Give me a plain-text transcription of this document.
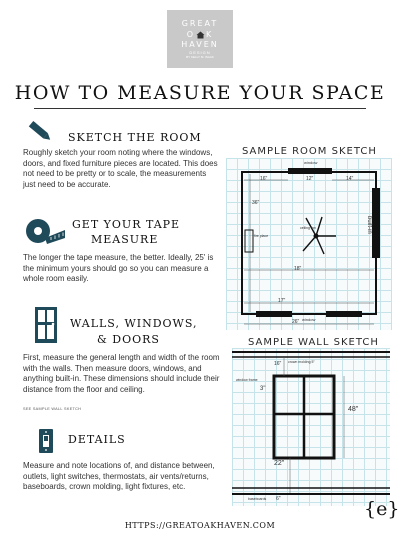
GREAT
O K
HAVEN
DESIGN
BY KELLY M. ISAAK
HOW TO MEASURE YOUR SPACE
SKETCH THE ROOM
Roughly sketch your room noting where the windows, doors, and fixed furniture pieces are located. This does not need to be pretty or to scale, the measurements just need to be accurate.
GET YOUR TAPE
MEASURE
The longer the tape measure, the better. Ideally, 25' is the minimum yours should go so you can measure a whole room easily.
WALLS, WINDOWS,
& DOORS
First, measure the general length and width of the room with the walls. Then measure doors, windows, and anything built-in. These dimensions should include their distance from the floor and ceiling.
SEE SAMPLE WALL SKETCH
DETAILS
Measure and note locations of, and distance between, outlets, light switches, thermostats, air vents/returns, baseboards, crown molding, light fixtures, etc.
SAMPLE ROOM SKETCH
window
window
built-in
fire place
ceiling fan
16"	12"	14"
36"
18"
17"
26"
SAMPLE WALL SKETCH
crown molding 5"
16"
window frame
3"
48"
22"
baseboards 6"	{e}
HTTPS://GREATOAKHAVEN.COM
